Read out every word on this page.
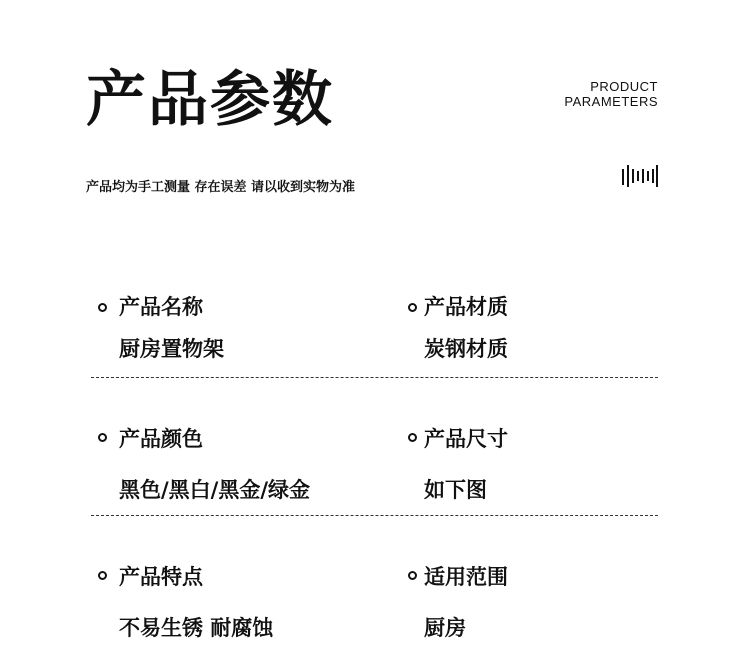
产品参数	PRODUCT
PARAMETERS
产品均为手工测量 存在误差 请以收到实物为准
产品名称
厨房置物架
产品材质
炭钢材质
产品颜色
黑色/黑白/黑金/绿金
产品尺寸
如下图
产品特点
不易生锈 耐腐蚀
适用范围
厨房
